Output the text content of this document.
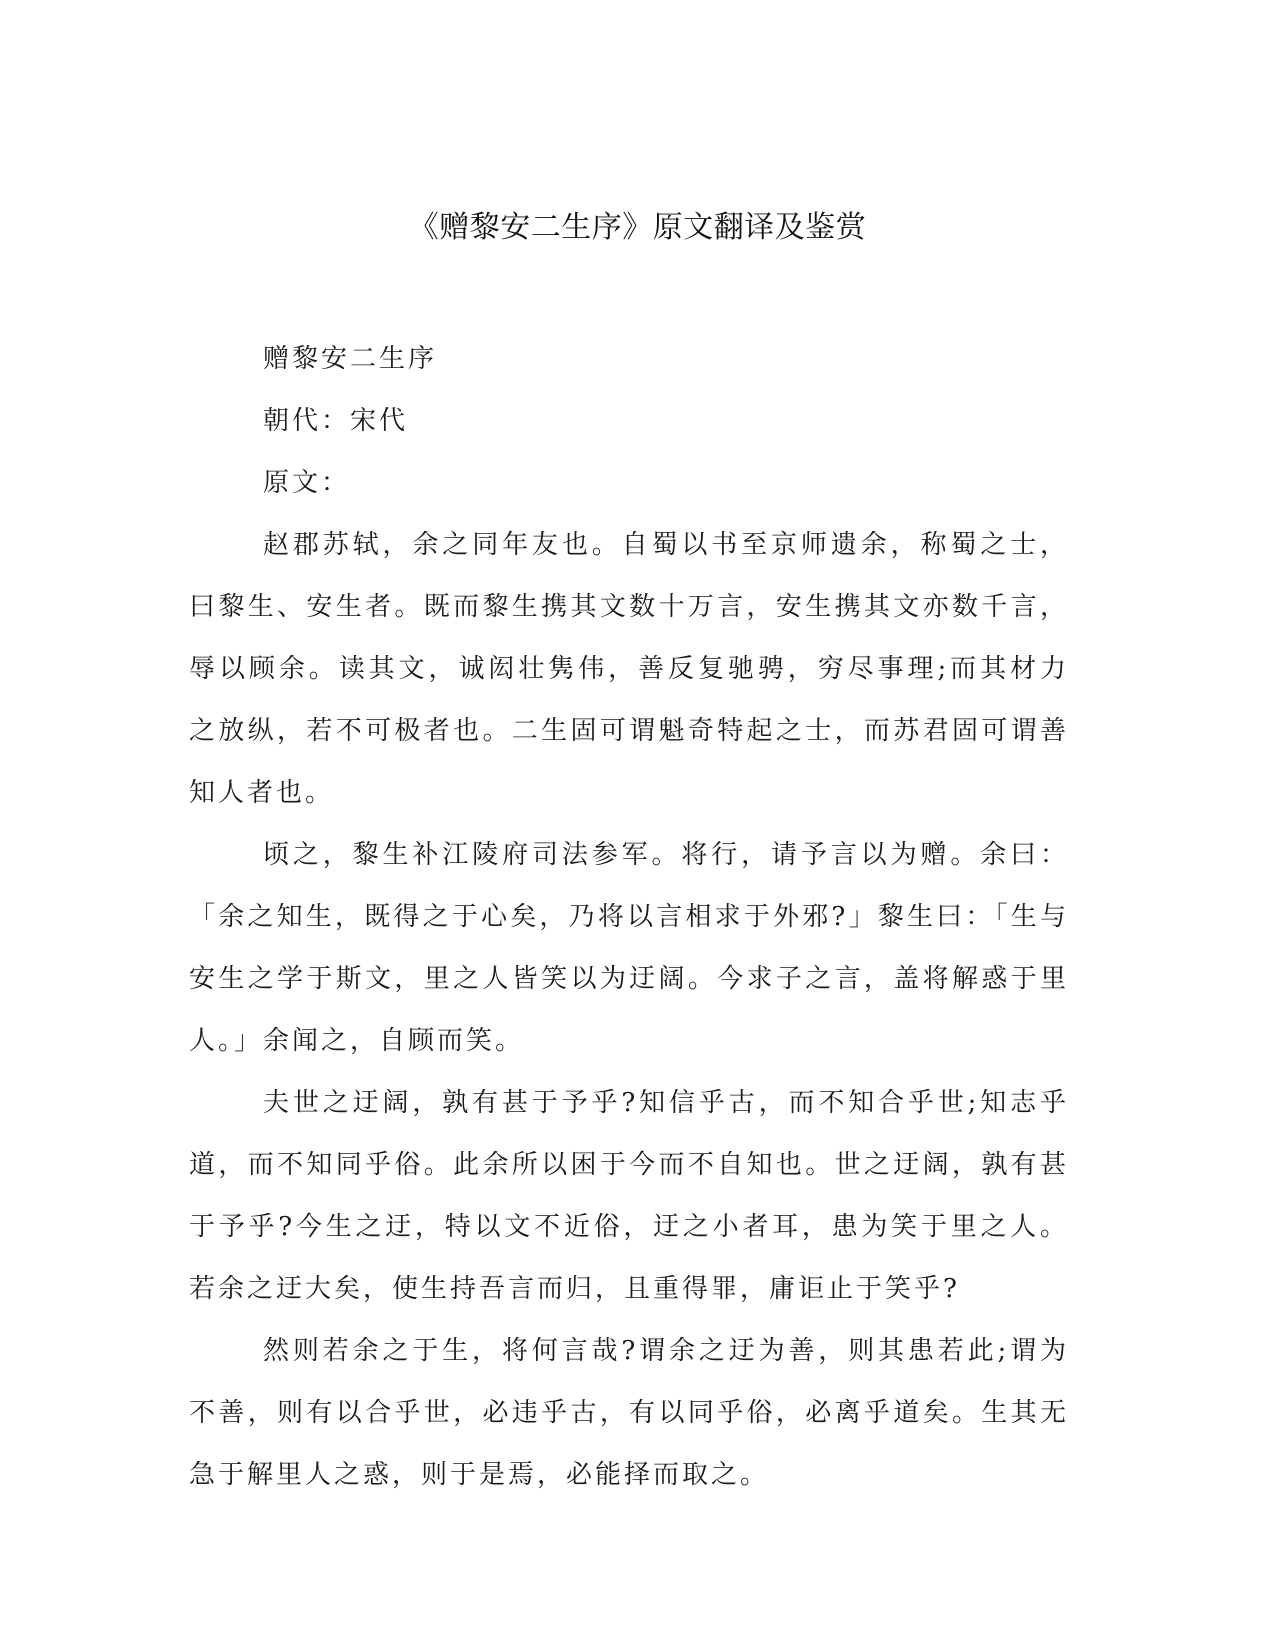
《赠黎安二生序》原文翻译及鉴赏

赠黎安二生序

朝代：宋代

原文：

赵郡苏轼，余之同年友也。自蜀以书至京师遗余，称蜀之士，曰黎生、安生者。既而黎生携其文数十万言，安生携其文亦数千言，辱以顾余。读其文，诚闳壮隽伟，善反复驰骋，穷尽事理;而其材力之放纵，若不可极者也。二生固可谓魁奇特起之士，而苏君固可谓善知人者也。

顷之，黎生补江陵府司法参军。将行，请予言以为赠。余曰：「余之知生，既得之于心矣，乃将以言相求于外邪?」黎生曰：「生与安生之学于斯文，里之人皆笑以为迂阔。今求子之言，盖将解惑于里人。」余闻之，自顾而笑。

夫世之迂阔，孰有甚于予乎?知信乎古，而不知合乎世;知志乎道，而不知同乎俗。此余所以困于今而不自知也。世之迂阔，孰有甚于予乎?今生之迂，特以文不近俗，迂之小者耳，患为笑于里之人。若余之迂大矣，使生持吾言而归，且重得罪，庸讵止于笑乎?

然则若余之于生，将何言哉?谓余之迂为善，则其患若此;谓为不善，则有以合乎世，必违乎古，有以同乎俗，必离乎道矣。生其无急于解里人之惑，则于是焉，必能择而取之。
